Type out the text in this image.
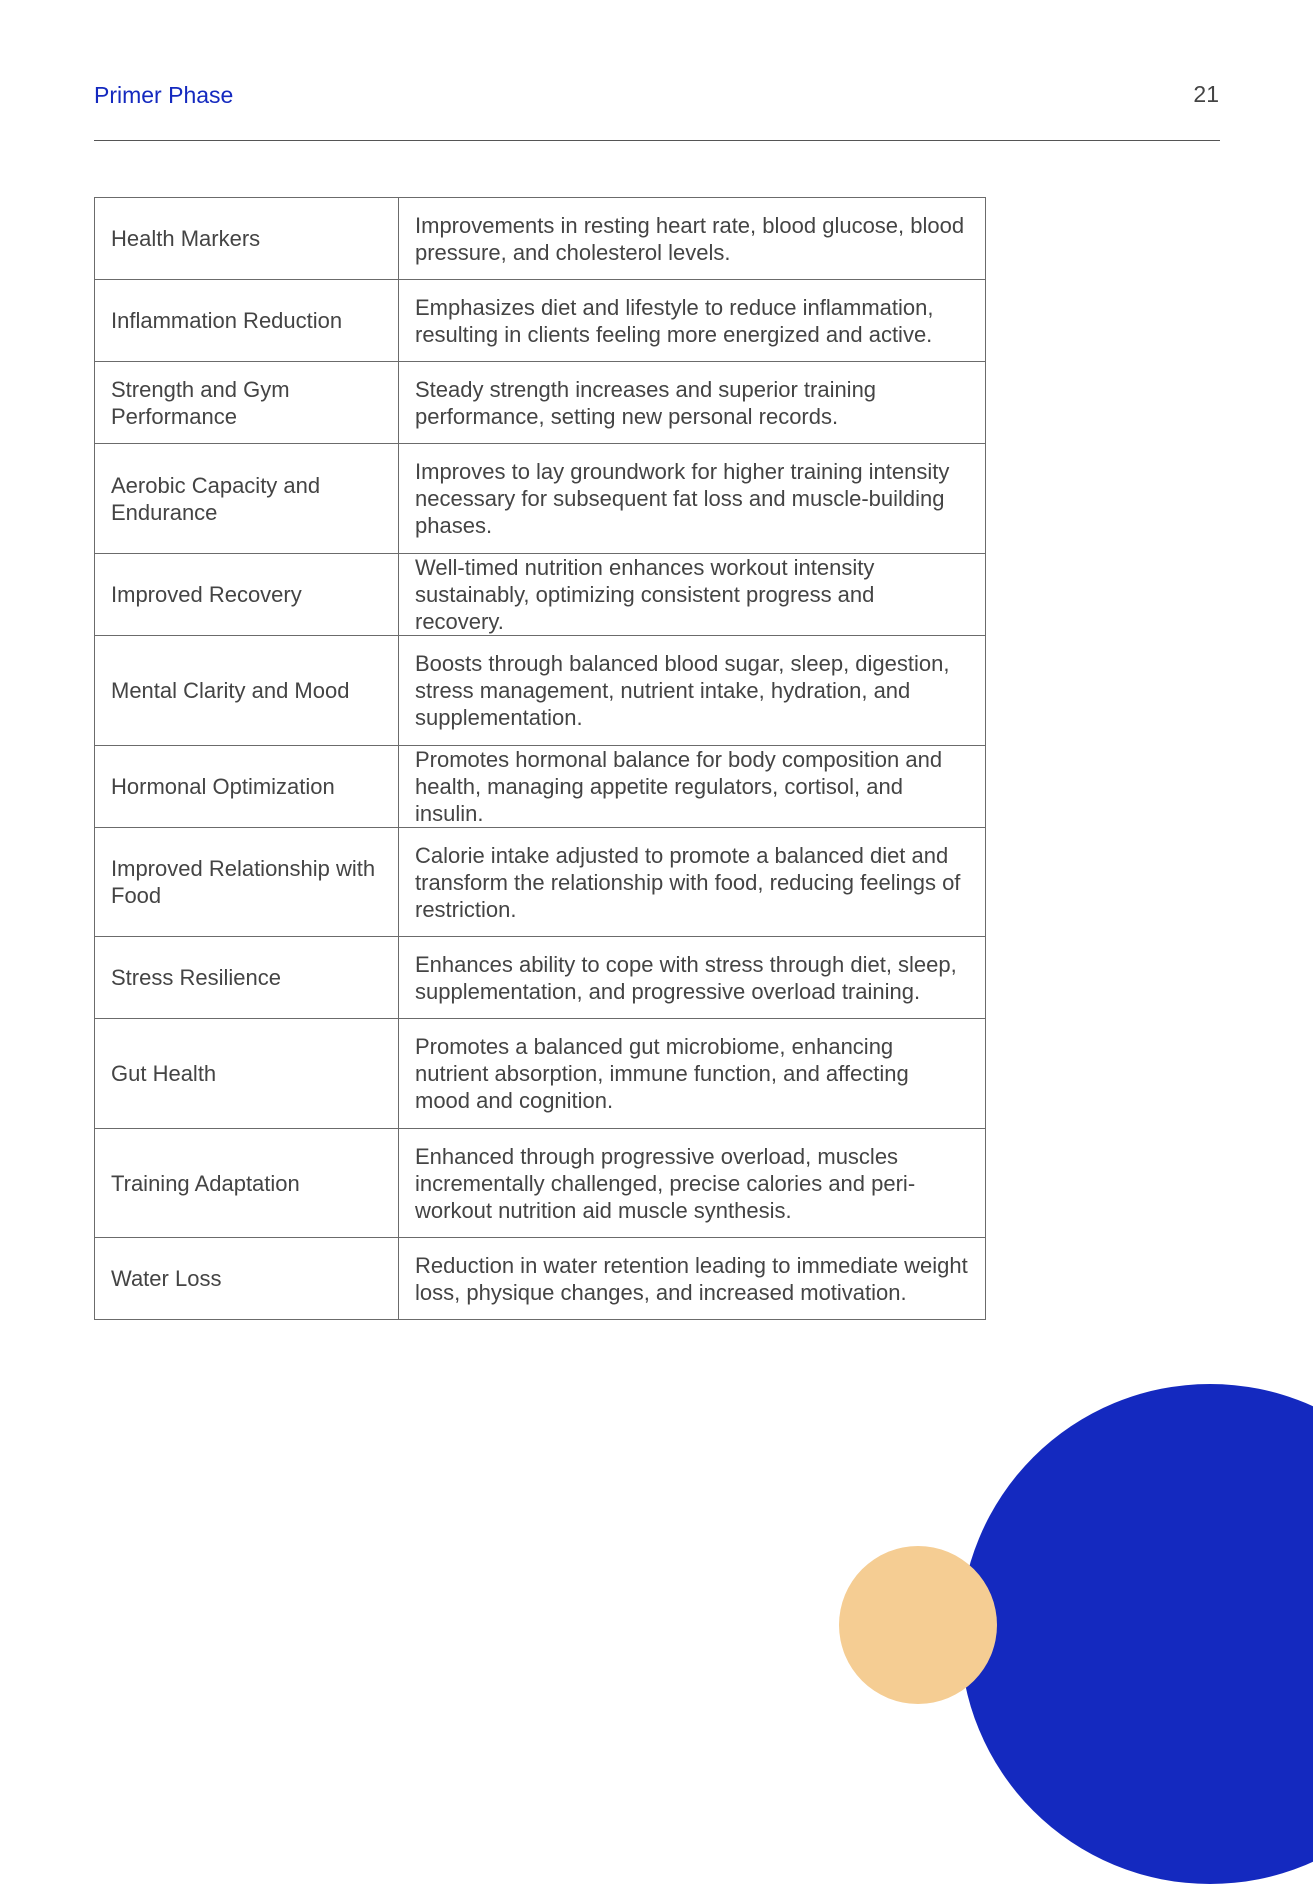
Primer Phase	21
Health Markers	Improvements in resting heart rate, blood glucose, blood pressure, and cholesterol levels.
Inflammation Reduction	Emphasizes diet and lifestyle to reduce inflammation, resulting in clients feeling more energized and active.
Strength and Gym Performance	Steady strength increases and superior training performance, setting new personal records.
Aerobic Capacity and Endurance	Improves to lay groundwork for higher training intensity necessary for subsequent fat loss and muscle-building phases.
Improved Recovery	Well-timed nutrition enhances workout intensity sustainably, optimizing consistent progress and recovery.
Mental Clarity and Mood	Boosts through balanced blood sugar, sleep, digestion, stress management, nutrient intake, hydration, and supplementation.
Hormonal Optimization	Promotes hormonal balance for body composition and health, managing appetite regulators, cortisol, and insulin.
Improved Relationship with Food	Calorie intake adjusted to promote a balanced diet and transform the relationship with food, reducing feelings of restriction.
Stress Resilience	Enhances ability to cope with stress through diet, sleep, supplementation, and progressive overload training.
Gut Health	Promotes a balanced gut microbiome, enhancing nutrient absorption, immune function, and affecting mood and cognition.
Training Adaptation	Enhanced through progressive overload, muscles incrementally challenged, precise calories and peri-workout nutrition aid muscle synthesis.
Water Loss	Reduction in water retention leading to immediate weight loss, physique changes, and increased motivation.
